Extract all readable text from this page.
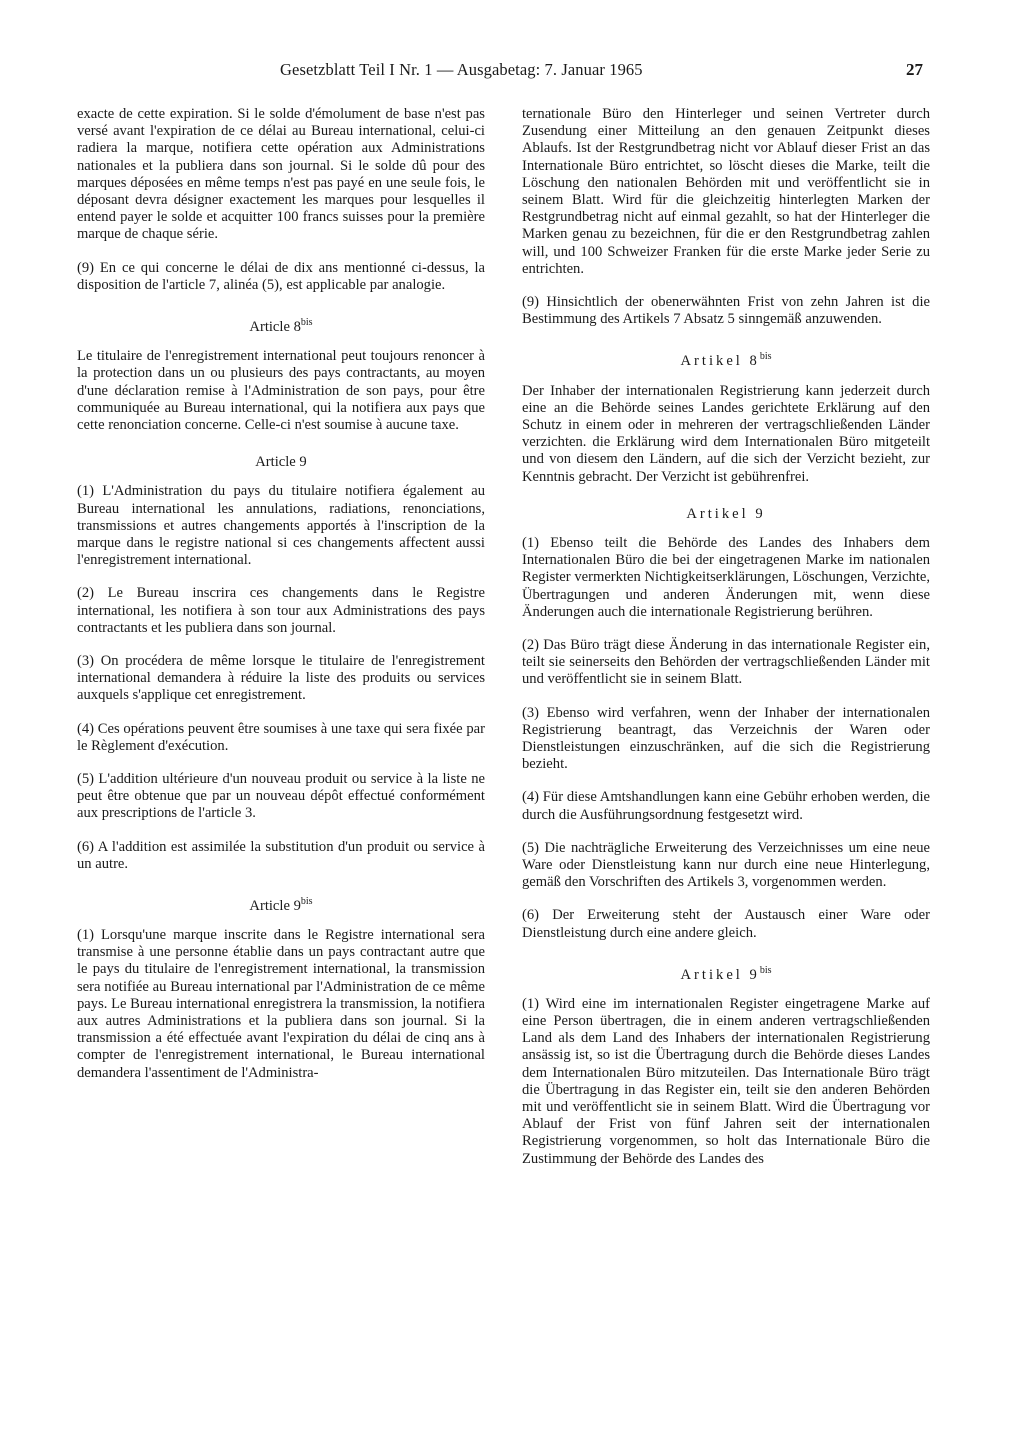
Gesetzblatt Teil I Nr. 1 — Ausgabetag: 7. Januar 1965	27

exacte de cette expiration. Si le solde d'émolument de base n'est pas versé avant l'expiration de ce délai au Bureau international, celui-ci radiera la marque, notifiera cette opération aux Administrations nationales et la publiera dans son journal. Si le solde dû pour des marques déposées en même temps n'est pas payé en une seule fois, le déposant devra désigner exactement les marques pour lesquelles il entend payer le solde et acquitter 100 francs suisses pour la première marque de chaque série.

(9) En ce qui concerne le délai de dix ans mentionné ci-dessus, la disposition de l'article 7, alinéa (5), est applicable par analogie.

Article $8^{bis}$

Le titulaire de l'enregistrement international peut toujours renoncer à la protection dans un ou plusieurs des pays contractants, au moyen d'une déclaration remise à l'Administration de son pays, pour être communiquée au Bureau international, qui la notifiera aux pays que cette renonciation concerne. Celle-ci n'est soumise à aucune taxe.

Article 9

(1) L'Administration du pays du titulaire notifiera également au Bureau international les annulations, radiations, renonciations, transmissions et autres changements apportés à l'inscription de la marque dans le registre national si ces changements affectent aussi l'enregistrement international.

(2) Le Bureau inscrira ces changements dans le Registre international, les notifiera à son tour aux Administrations des pays contractants et les publiera dans son journal.

(3) On procédera de même lorsque le titulaire de l'enregistrement international demandera à réduire la liste des produits ou services auxquels s'applique cet enregistrement.

(4) Ces opérations peuvent être soumises à une taxe qui sera fixée par le Règlement d'exécution.

(5) L'addition ultérieure d'un nouveau produit ou service à la liste ne peut être obtenue que par un nouveau dépôt effectué conformément aux prescriptions de l'article 3.

(6) A l'addition est assimilée la substitution d'un produit ou service à un autre.

Article $9^{bis}$

(1) Lorsqu'une marque inscrite dans le Registre international sera transmise à une personne établie dans un pays contractant autre que le pays du titulaire de l'enregistrement international, la transmission sera notifiée au Bureau international par l'Administration de ce même pays. Le Bureau international enregistrera la transmission, la notifiera aux autres Administrations et la publiera dans son journal. Si la transmission a été effectuée avant l'expiration du délai de cinq ans à compter de l'enregistrement international, le Bureau international demandera l'assentiment de l'Administra-

ternationale Büro den Hinterleger und seinen Vertreter durch Zusendung einer Mitteilung an den genauen Zeitpunkt dieses Ablaufs. Ist der Restgrundbetrag nicht vor Ablauf dieser Frist an das Internationale Büro entrichtet, so löscht dieses die Marke, teilt die Löschung den nationalen Behörden mit und veröffentlicht sie in seinem Blatt. Wird für die gleichzeitig hinterlegten Marken der Restgrundbetrag nicht auf einmal gezahlt, so hat der Hinterleger die Marken genau zu bezeichnen, für die er den Restgrundbetrag zahlen will, und 100 Schweizer Franken für die erste Marke jeder Serie zu entrichten.

(9) Hinsichtlich der obenerwähnten Frist von zehn Jahren ist die Bestimmung des Artikels 7 Absatz 5 sinngemäß anzuwenden.

Artikel $8^{bis}$

Der Inhaber der internationalen Registrierung kann jederzeit durch eine an die Behörde seines Landes gerichtete Erklärung auf den Schutz in einem oder in mehreren der vertragschließenden Länder verzichten. die Erklärung wird dem Internationalen Büro mitgeteilt und von diesem den Ländern, auf die sich der Verzicht bezieht, zur Kenntnis gebracht. Der Verzicht ist gebührenfrei.

Artikel 9

(1) Ebenso teilt die Behörde des Landes des Inhabers dem Internationalen Büro die bei der eingetragenen Marke im nationalen Register vermerkten Nichtigkeitserklärungen, Löschungen, Verzichte, Übertragungen und anderen Änderungen mit, wenn diese Änderungen auch die internationale Registrierung berühren.

(2) Das Büro trägt diese Änderung in das internationale Register ein, teilt sie seinerseits den Behörden der vertragschließenden Länder mit und veröffentlicht sie in seinem Blatt.

(3) Ebenso wird verfahren, wenn der Inhaber der internationalen Registrierung beantragt, das Verzeichnis der Waren oder Dienstleistungen einzuschränken, auf die sich die Registrierung bezieht.

(4) Für diese Amtshandlungen kann eine Gebühr erhoben werden, die durch die Ausführungsordnung festgesetzt wird.

(5) Die nachträgliche Erweiterung des Verzeichnisses um eine neue Ware oder Dienstleistung kann nur durch eine neue Hinterlegung, gemäß den Vorschriften des Artikels 3, vorgenommen werden.

(6) Der Erweiterung steht der Austausch einer Ware oder Dienstleistung durch eine andere gleich.

Artikel $9^{bis}$

(1) Wird eine im internationalen Register eingetragene Marke auf eine Person übertragen, die in einem anderen vertragschließenden Land als dem Land des Inhabers der internationalen Registrierung ansässig ist, so ist die Übertragung durch die Behörde dieses Landes dem Internationalen Büro mitzuteilen. Das Internationale Büro trägt die Übertragung in das Register ein, teilt sie den anderen Behörden mit und veröffentlicht sie in seinem Blatt. Wird die Übertragung vor Ablauf der Frist von fünf Jahren seit der internationalen Registrierung vorgenommen, so holt das Internationale Büro die Zustimmung der Behörde des Landes des
